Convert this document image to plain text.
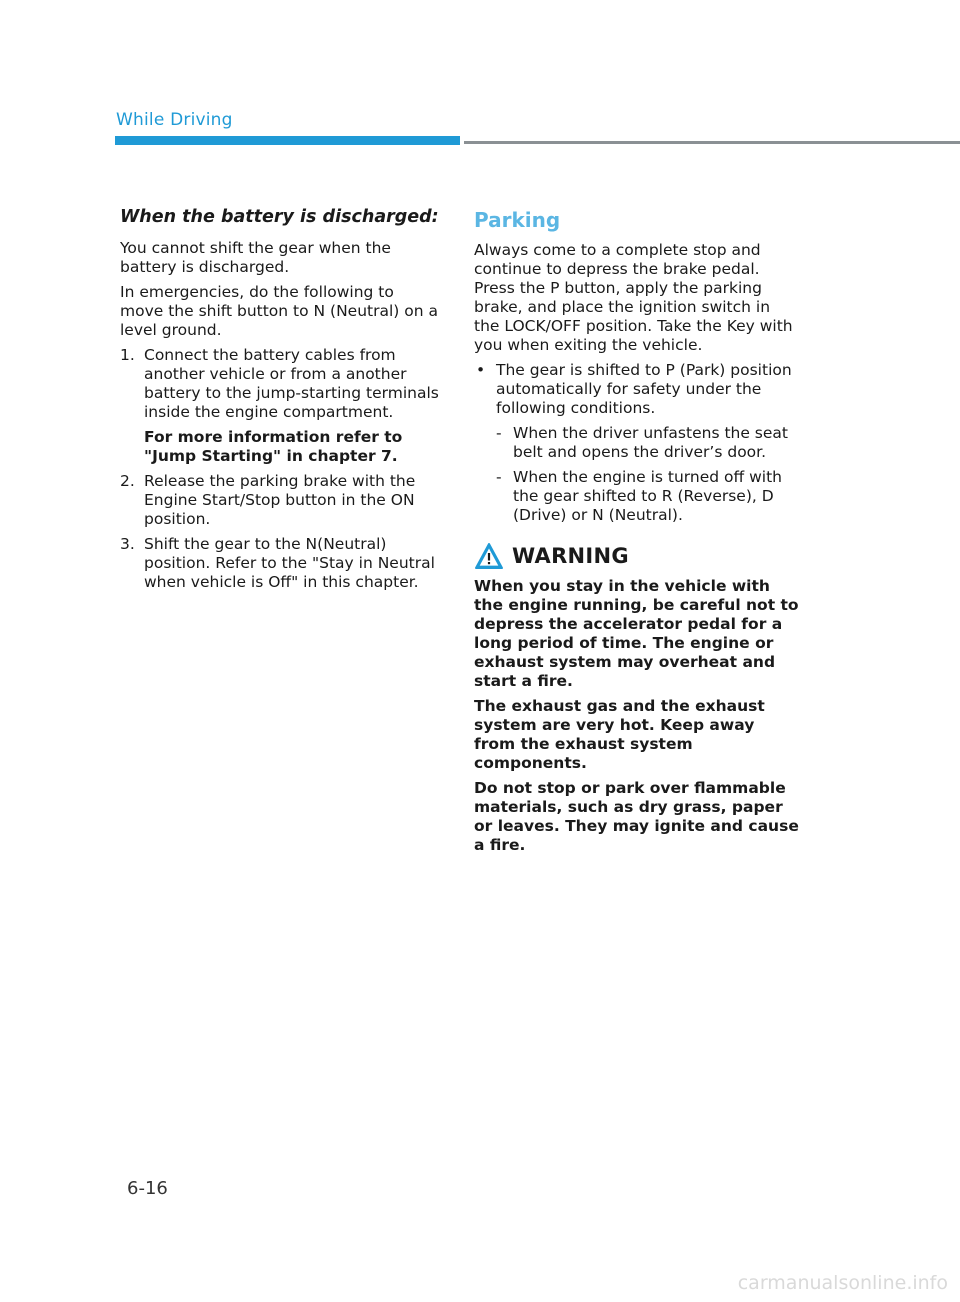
While Driving
When the battery is discharged:

You cannot shift the gear when the battery is discharged.

In emergencies, do the following to move the shift button to N (Neutral) on a level ground.

1. Connect the battery cables from another vehicle or from a another battery to the jump-starting terminals inside the engine compartment.
For more information refer to "Jump Starting" in chapter 7.
2. Release the parking brake with the Engine Start/Stop button in the ON position.
3. Shift the gear to the N(Neutral) position. Refer to the "Stay in Neutral when vehicle is Off" in this chapter.
Parking

Always come to a complete stop and continue to depress the brake pedal. Press the P button, apply the parking brake, and place the ignition switch in the LOCK/OFF position. Take the Key with you when exiting the vehicle.

• The gear is shifted to P (Park) position automatically for safety under the following conditions.
- When the driver unfastens the seat belt and opens the driver’s door.
- When the engine is turned off with the gear shifted to R (Reverse), D (Drive) or N (Neutral).
WARNING

When you stay in the vehicle with the engine running, be careful not to depress the accelerator pedal for a long period of time. The engine or exhaust system may overheat and start a fire.

The exhaust gas and the exhaust system are very hot. Keep away from the exhaust system components.

Do not stop or park over flammable materials, such as dry grass, paper or leaves. They may ignite and cause a fire.

6-16
carmanualsonline.info
